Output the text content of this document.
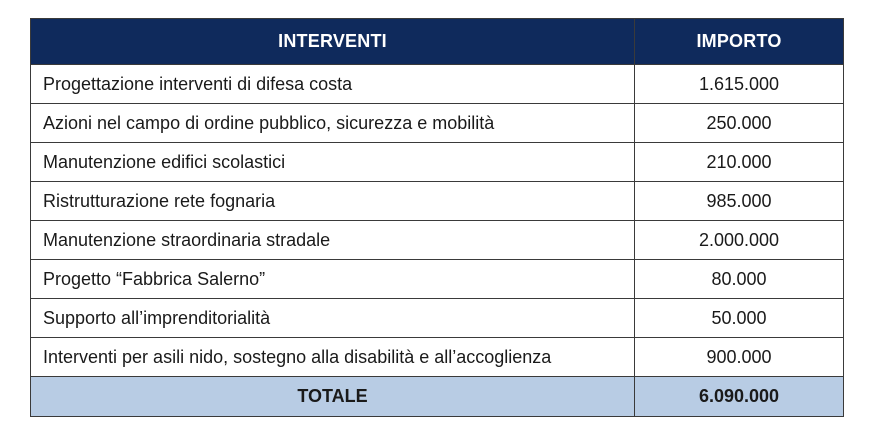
INTERVENTI	IMPORTO
Progettazione interventi di difesa costa	1.615.000
Azioni nel campo di ordine pubblico, sicurezza e mobilità	250.000
Manutenzione edifici scolastici	210.000
Ristrutturazione rete fognaria	985.000
Manutenzione straordinaria stradale	2.000.000
Progetto “Fabbrica Salerno”	80.000
Supporto all’imprenditorialità	50.000
Interventi per asili nido, sostegno alla disabilità e all’accoglienza	900.000
TOTALE	6.090.000
